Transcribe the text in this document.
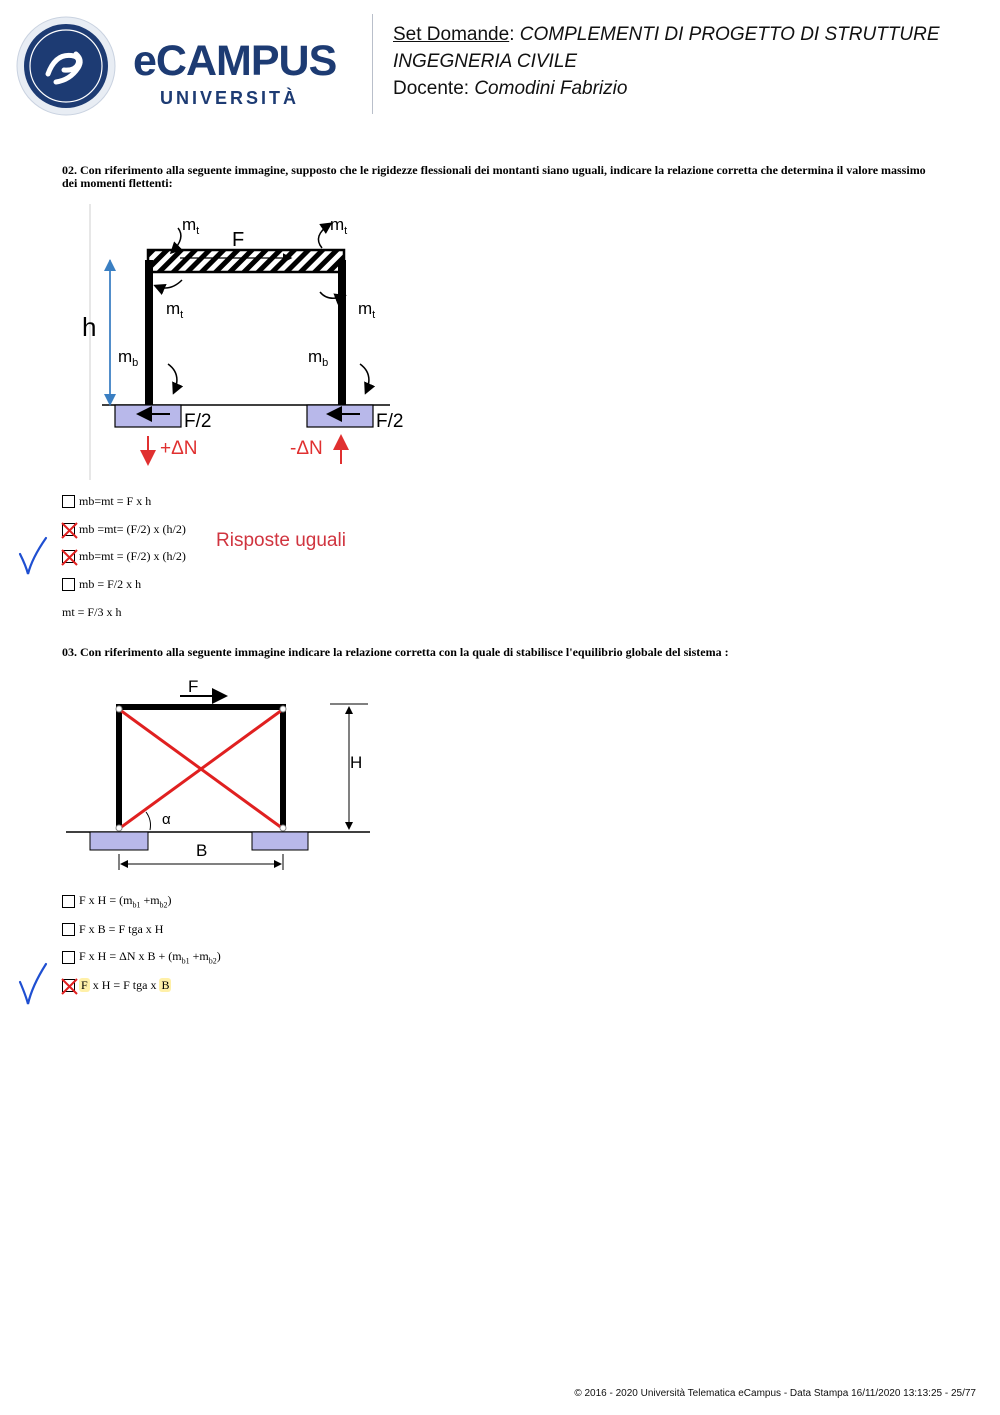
eCAMPUS

UNIVERSITÀ

Set Domande: COMPLEMENTI DI PROGETTO DI STRUTTURE
INGEGNERIA CIVILE
Docente: Comodini Fabrizio
02. Con riferimento alla seguente immagine, supposto che le rigidezze flessionali dei montanti siano uguali, indicare la relazione corretta che determina il valore massimo dei momenti flettenti:
h
F
$m_t$	$m_t$
$m_t$	$m_t$
$m_b$	$m_b$
F/2	F/2
+ΔN	-ΔN
mb=mt = F x h
mb =mt= (F/2) x (h/2)
mb=mt = (F/2) x (h/2)
mb = F/2 x h
mt = F/3 x h
Risposte uguali
03. Con riferimento alla seguente immagine indicare la relazione corretta con la quale di stabilisce l'equilibrio globale del sistema :
F
α
B
H
F x $H = (m_{b1} +m_{b2})$
F x B = F tga x H
F x H = ΔN x $B + (m_{b1} +m_{b2})$
F x H = F tga x B
© 2016 - 2020 Università Telematica eCampus - Data Stampa 16/11/2020 13:13:25 - 25/77
